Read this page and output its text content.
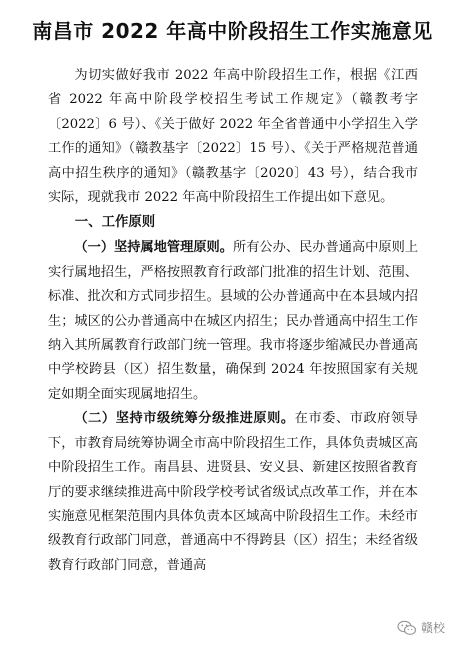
南昌市 2022 年高中阶段招生工作实施意见

为切实做好我市 2022 年高中阶段招生工作，根据《江西省 2022 年高中阶段学校招生考试工作规定》（赣教考字〔2022〕6 号）、《关于做好 2022 年全省普通中小学招生入学工作的通知》（赣教基字〔2022〕15 号）、《关于严格规范普通高中招生秩序的通知》（赣教基字〔2020〕43 号），结合我市实际，现就我市 2022 年高中阶段招生工作提出如下意见。

一、工作原则

（一）坚持属地管理原则。所有公办、民办普通高中原则上实行属地招生，严格按照教育行政部门批准的招生计划、范围、标准、批次和方式同步招生。县域的公办普通高中在本县域内招生；城区的公办普通高中在城区内招生；民办普通高中招生工作纳入其所属教育行政部门统一管理。我市将逐步缩减民办普通高中学校跨县（区）招生数量，确保到 2024 年按照国家有关规定如期全面实现属地招生。

（二）坚持市级统筹分级推进原则。在市委、市政府领导下，市教育局统筹协调全市高中阶段招生工作，具体负责城区高中阶段招生工作。南昌县、进贤县、安义县、新建区按照省教育厅的要求继续推进高中阶段学校考试省级试点改革工作，并在本实施意见框架范围内具体负责本区域高中阶段招生工作。未经市级教育行政部门同意，普通高中不得跨县（区）招生；未经省级教育行政部门同意，普通高

赣校
